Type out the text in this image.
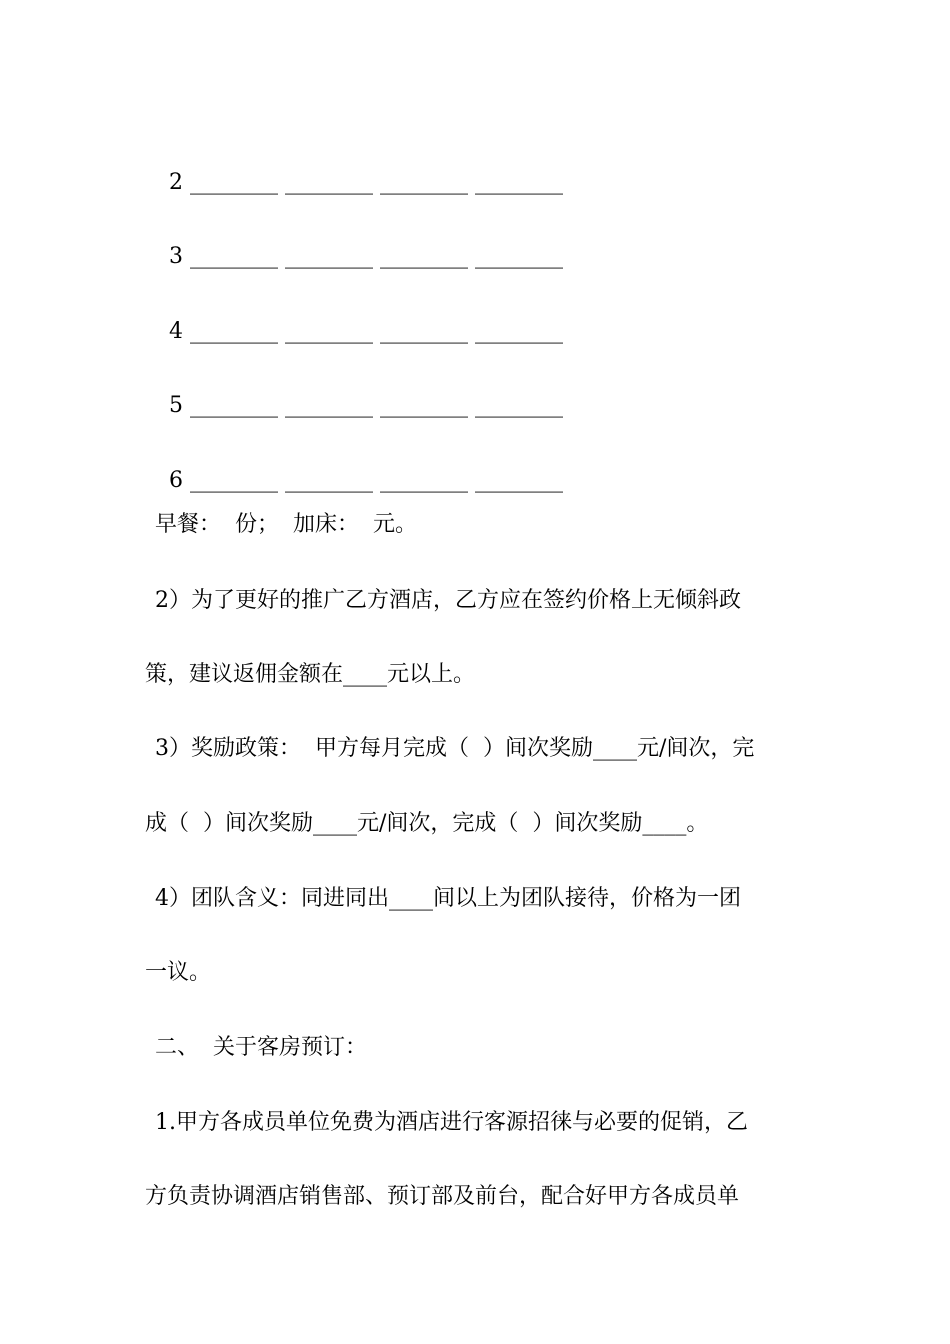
2 ________ ________ ________ ________

3 ________ ________ ________ ________

4 ________ ________ ________ ________

5 ________ ________ ________ ________

6 ________ ________ ________ ________

早餐：  份；  加床：  元。
2）为了更好的推广乙方酒店，乙方应在签约价格上无倾斜政
策，建议返佣金额在____元以上。
3）奖励政策：  甲方每月完成（  ）间次奖励____元/间次，完
成（  ）间次奖励____元/间次，完成（  ）间次奖励____。
4）团队含义：同进同出____间以上为团队接待，价格为一团
一议。
二、  关于客房预订：
1.甲方各成员单位免费为酒店进行客源招徕与必要的促销，乙
方负责协调酒店销售部、预订部及前台，配合好甲方各成员单
